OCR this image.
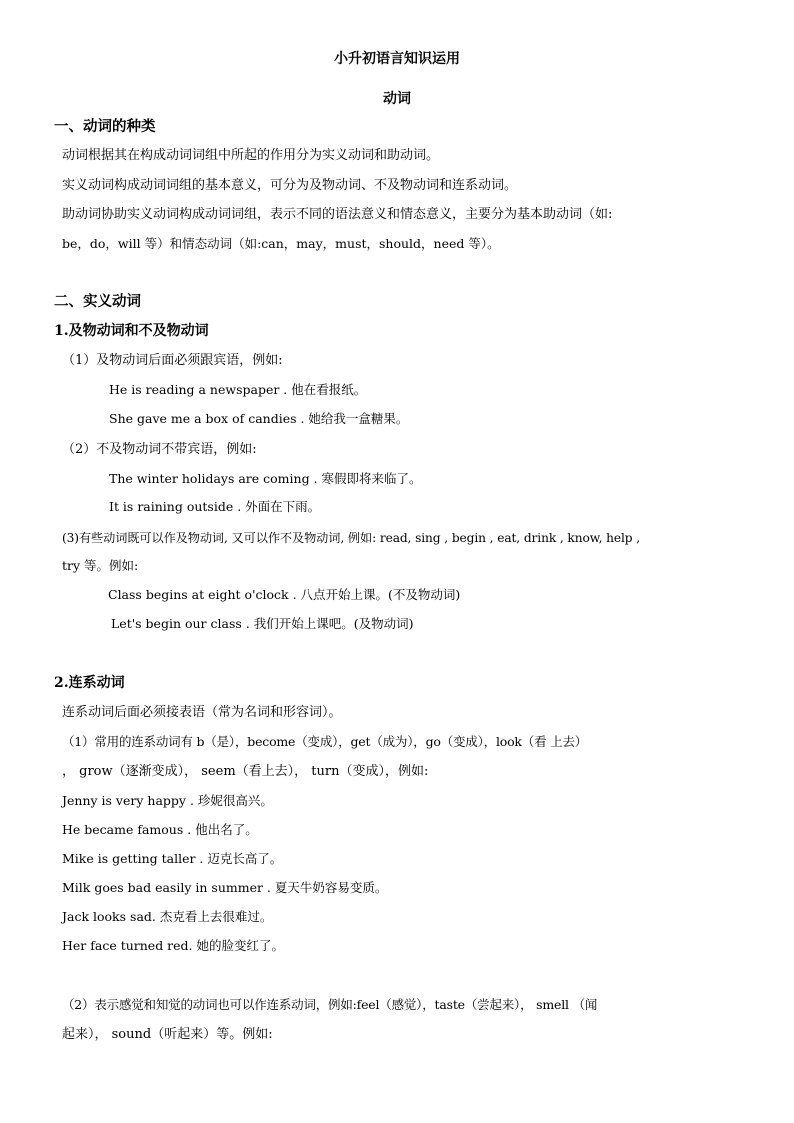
小升初语言知识运用
动词
一、动词的种类
动词根据其在构成动词词组中所起的作用分为实义动词和助动词。
实义动词构成动词词组的基本意义，可分为及物动词、不及物动词和连系动词。
助动词协助实义动词构成动词词组，表示不同的语法意义和情态意义，主要分为基本助动词（如:
be，do，will 等）和情态动词（如:can，may，must，should，need 等）。
二、实义动词
1.及物动词和不及物动词
（1）及物动词后面必须跟宾语，例如:
He is reading a newspaper . 他在看报纸。
She gave me a box of candies . 她给我一盒糖果。
（2）不及物动词不带宾语，例如:
The winter holidays are coming . 寒假即将来临了。
It is raining outside . 外面在下雨。
(3)有些动词既可以作及物动词, 又可以作不及物动词, 例如: read, sing , begin , eat, drink , know, help ,
try 等。例如:
Class begins at eight o'clock . 八点开始上课。(不及物动词)
Let's begin our class . 我们开始上课吧。(及物动词)
2.连系动词
连系动词后面必须接表语（常为名词和形容词）。
（1）常用的连系动词有 b（是），become（变成），get（成为），go（变成），look（看 上去）
， grow（逐渐变成）， seem（看上去）， turn（变成），例如:
Jenny is very happy . 珍妮很高兴。
He became famous . 他出名了。
Mike is getting taller . 迈克长高了。
Milk goes bad easily in summer . 夏天牛奶容易变质。
Jack looks sad. 杰克看上去很难过。
Her face turned red. 她的脸变红了。
（2）表示感觉和知觉的动词也可以作连系动词，例如:feel（感觉），taste（尝起来）， smell （闻
起来）， sound（听起来）等。例如:
